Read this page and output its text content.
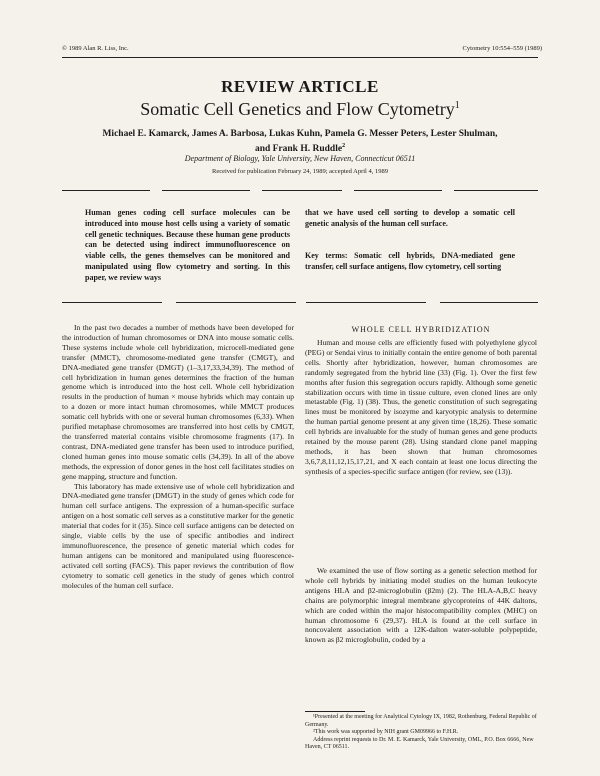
© 1989 Alan R. Liss, Inc.	Cytometry 10:554–559 (1989)
REVIEW ARTICLE
Somatic Cell Genetics and Flow Cytometry$^1$
Michael E. Kamarck, James A. Barbosa, Lukas Kuhn, Pamela G. Messer Peters, Lester Shulman,
and Frank H. Ruddle$^2$
Department of Biology, Yale University, New Haven, Connecticut 06511
Received for publication February 24, 1989; accepted April 4, 1989
Human genes coding cell surface molecules can be introduced into mouse host cells using a variety of somatic cell genetic techniques. Because these human gene products can be detected using indirect immunofluorescence on viable cells, the genes themselves can be monitored and manipulated using flow cytometry and sorting. In this paper, we review ways
that we have used cell sorting to develop a somatic cell genetic analysis of the human cell surface.
Key terms: Somatic cell hybrids, DNA-mediated gene transfer, cell surface antigens, flow cytometry, cell sorting

In the past two decades a number of methods have been developed for the introduction of human chromosomes or DNA into mouse somatic cells. These systems include whole cell hybridization, microcell-mediated gene transfer (MMCT), chromosome-mediated gene transfer (CMGT), and DNA-mediated gene transfer (DMGT) (1–3,17,33,34,39). The method of cell hybridization in human genes determines the fraction of the human genome which is introduced into the host cell. Whole cell hybridization results in the production of human × mouse hybrids which may contain up to a dozen or more intact human chromosomes, while MMCT produces somatic cell hybrids with one or several human chromosomes (6,33). When purified metaphase chromosomes are transferred into host cells by CMGT, the transferred material contains visible chromosome fragments (17). In contrast, DNA-mediated gene transfer has been used to introduce purified, cloned human genes into mouse somatic cells (34,39). In all of the above methods, the expression of donor genes in the host cell facilitates studies on gene mapping, structure and function.

This laboratory has made extensive use of whole cell hybridization and DNA-mediated gene transfer (DMGT) in the study of genes which code for human cell surface antigens. The expression of a human-specific surface antigen on a host somatic cell serves as a constitutive marker for the genetic material that codes for it (35). Since cell surface antigens can be detected on single, viable cells by the use of specific antibodies and indirect immunofluorescence, the presence of genetic material which codes for human antigens can be monitored and manipulated using fluorescence-activated cell sorting (FACS). This paper reviews the contribution of flow cytometry to somatic cell genetics in the study of genes which control molecules of the human cell surface.

WHOLE CELL HYBRIDIZATION

Human and mouse cells are efficiently fused with polyethylene glycol (PEG) or Sendai virus to initially contain the entire genome of both parental cells. Shortly after hybridization, however, human chromosomes are randomly segregated from the hybrid line (33) (Fig. 1). Over the first few months after fusion this segregation occurs rapidly. Although some genetic stabilization occurs with time in tissue culture, even cloned lines are only metastable (Fig. 1) (38). Thus, the genetic constitution of such segregating lines must be monitored by isozyme and karyotypic analysis to determine the human partial genome present at any given time (18,26). These somatic cell hybrids are invaluable for the study of human genes and gene products retained by the mouse parent (28). Using standard clone panel mapping methods, it has been shown that human chromosomes 3,6,7,8,11,12,15,17,21, and X each contain at least one locus directing the synthesis of a species-specific surface antigen (for review, see (13)).

We examined the use of flow sorting as a genetic selection method for whole cell hybrids by initiating model studies on the human leukocyte antigens HLA and β2-microglobulin (β2m) (2). The HLA-A,B,C heavy chains are polymorphic integral membrane glycoproteins of 44K daltons, which are coded within the major histocompatibility complex (MHC) on human chromosome 6 (29,37). HLA is found at the cell surface in noncovalent association with a 12K-dalton water-soluble polypeptide, known as β2 microglobulin, coded by a

¹Presented at the meeting for Analytical Cytology IX, 1982, Rothenburg, Federal Republic of Germany.
²This work was supported by NIH grant GM09966 to F.H.R.
Address reprint requests to Dr. M. E. Kamarck, Yale University, OML, P.O. Box 6666, New Haven, CT 06511.
